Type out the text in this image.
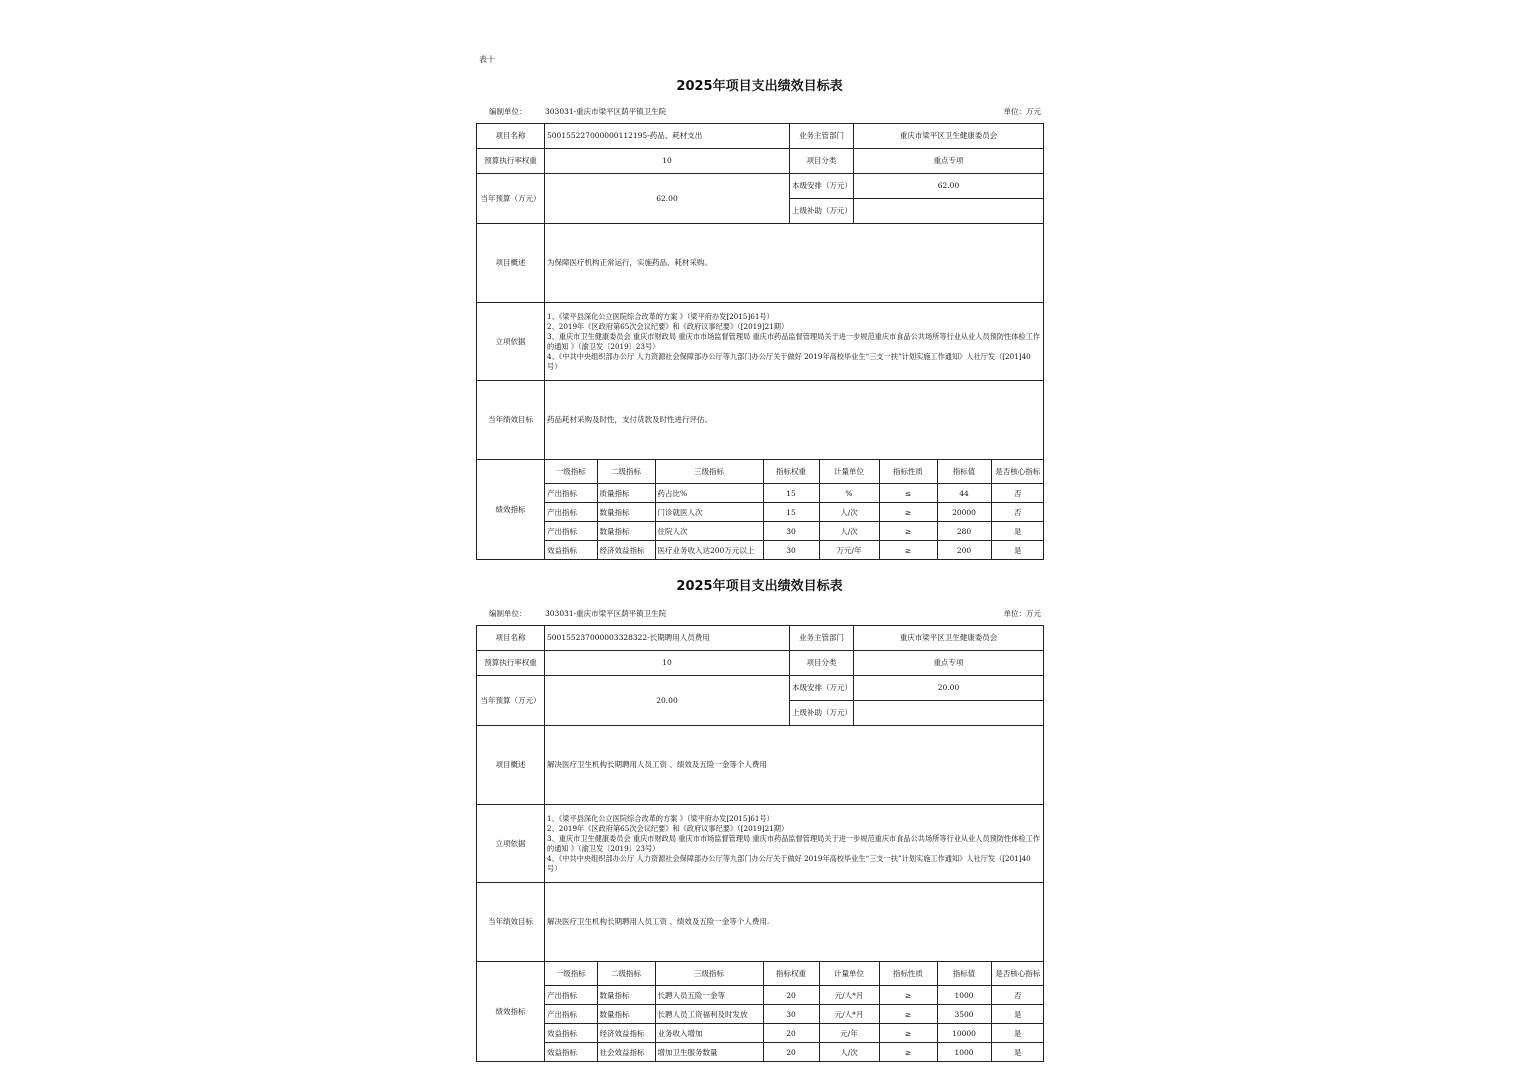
表十
2025年项目支出绩效目标表
编制单位： 303031-重庆市梁平区荫平镇卫生院	单位：万元
项目名称	500155227000000112195-药品、耗材支出	业务主管部门	重庆市梁平区卫生健康委员会
预算执行率权重	10	项目分类	重点专项
当年预算（万元）	62.00	本级安排（万元）	62.00
上级补助（万元）	
项目概述	为保障医疗机构正常运行，实施药品、耗材采购。
立项依据	
1、《梁平县深化公立医院综合改革的方案 》（梁平府办发[2015]61号）
2、2019年《区政府第65次会议纪要》和《政府议事纪要》（[2019]21期）
3、重庆市卫生健康委员会 重庆市财政局 重庆市市场监督管理局 重庆市药品监督管理局关于进一步规范重庆市食品公共场所等行业从业人员预防性体检工作的通知 》（渝卫发〔2019〕23号）
4、《中共中央组织部办公厅 人力资源社会保障部办公厅等九部门办公厅关于做好 2019年高校毕业生“三支一扶”计划实施工作通知》人社厅发（[201]40号）

当年绩效目标	药品耗材采购及时性，支付货款及时性进行评估。
绩效指标	
一级指标	二级指标	三级指标	指标权重	计量单位	指标性质	指标值	是否核心指标
产出指标	质量指标	药占比%	15	%	≤	44	否
产出指标	数量指标	门诊就医人次	15	人/次	≥	20000	否
产出指标	数量指标	住院人次	30	人/次	≥	280	是
效益指标	经济效益指标	医疗业务收入达200万元以上	30	万元/年	≥	200	是
2025年项目支出绩效目标表
编制单位： 303031-重庆市梁平区荫平镇卫生院	单位：万元
项目名称	500155237000003328322-长期聘用人员费用	业务主管部门	重庆市梁平区卫生健康委员会
预算执行率权重	10	项目分类	重点专项
当年预算（万元）	20.00	本级安排（万元）	20.00
上级补助（万元）	
项目概述	解决医疗卫生机构长期聘用人员工资 、绩效及五险一金等个人费用
立项依据	
1、《梁平县深化公立医院综合改革的方案 》（梁平府办发[2015]61号）
2、2019年《区政府第65次会议纪要》和《政府议事纪要》（[2019]21期）
3、重庆市卫生健康委员会 重庆市财政局 重庆市市场监督管理局 重庆市药品监督管理局关于进一步规范重庆市食品公共场所等行业从业人员预防性体检工作的通知 》（渝卫发〔2019〕23号）
4、《中共中央组织部办公厅 人力资源社会保障部办公厅等九部门办公厅关于做好 2019年高校毕业生“三支一扶”计划实施工作通知》人社厅发（[201]40号）

当年绩效目标	解决医疗卫生机构长期聘用人员工资 、绩效及五险一金等个人费用.
绩效指标	
一级指标	二级指标	三级指标	指标权重	计量单位	指标性质	指标值	是否核心指标
产出指标	数量指标	长聘人员五险一金等	20	元/人*月	≥	1000	否
产出指标	数量指标	长聘人员工资福利及时发放	30	元/人*月	≥	3500	是
效益指标	经济效益指标	业务收入增加	20	元/年	≥	10000	是
效益指标	社会效益指标	增加卫生服务数量	20	人/次	≥	1000	是
